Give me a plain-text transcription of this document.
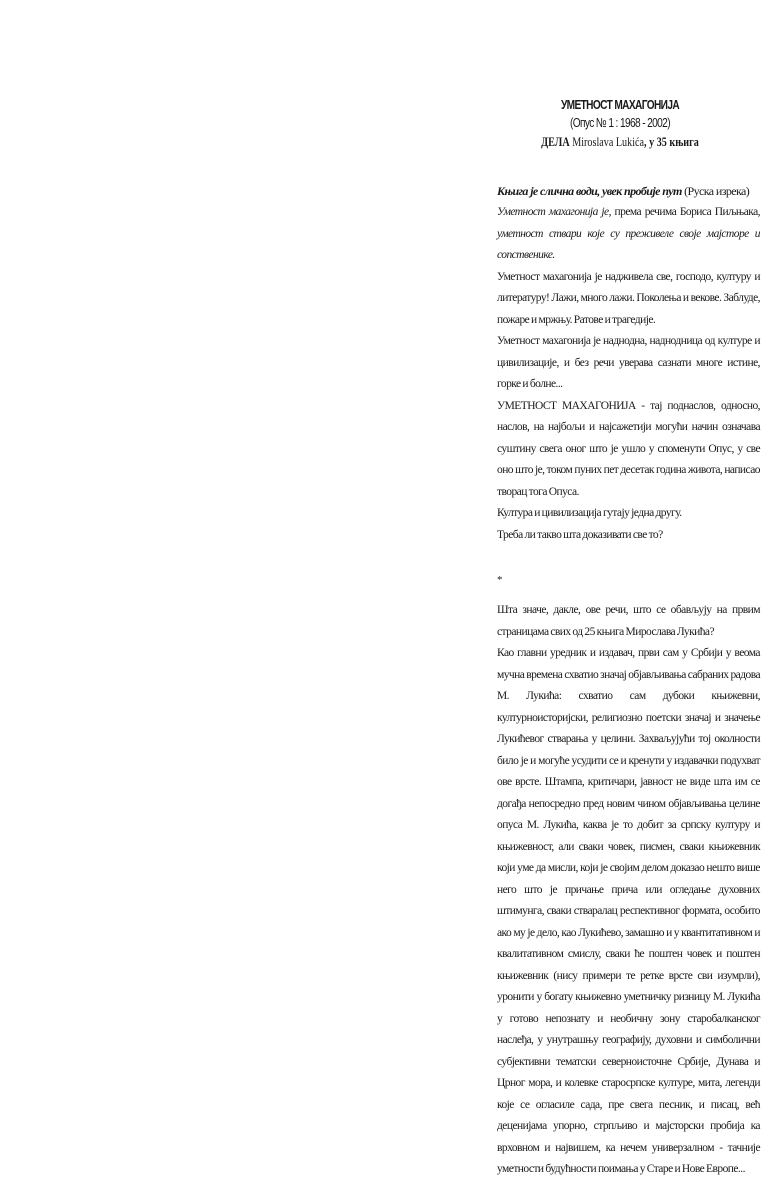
УМЕТНОСТ МАХАГОНИЈА
(Опус № 1 : 1968 - 2002)
ДЕЛА Miroslava Lukića, у 35 књига

Књига је слична води, увек пробије пут (Руска изрека)

Уметност махагонија је, према речима Бориса Пиљњака, уметност ствари које су преживеле своје мајсторе и сопственике.

Уметност махагонија је надживела све, господо, културу и литературу! Лажи, много лажи. Поколења и векове. Заблуде, пожаре и мржњу. Ратове и трагедије.

Уметност махагонија је наднодна, наднодница од културе и цивилизације, и без речи уверава сазнати многе истине, горке и болне...

УМЕТНОСТ МАХАГОНИЈА - тај поднаслов, односно, наслов, на најбољи и најсажетији могући начин означава суштину свега оног што је ушло у споменути Опус, у све оно што је, током пуних пет десетак година живота, написао творац тога Опуса.

Култура и цивилизација гутају једна другу.

Треба ли такво шта доказивати све то?

*

Шта значе, дакле, ове речи, што се обављују на првим страницама свих од 25 књига Мирослава Лукића?

Као главни уредник и издавач, први сам у Србији у веома мучна времена схватио значај објављивања сабраних радова М. Лукића: схватио сам дубоки књижевни, културноисторијски, религиозно поетски значај и значење Лукићевог стварања у целини. Захваљујући тој околности било је и могуће усудити се и кренути у издавачки подухват ове врсте. Штампа, критичари, јавност не виде шта им се догађа непосредно пред новим чином објављивања целине опуса М. Лукића, каква је то добит за српску културу и књижевност, али сваки човек, писмен, сваки књижевник који уме да мисли, који је својим делом доказао нешто више него што је причање прича или огледање духовних штимунга, сваки стваралац респективног формата, особито ако му је дело, као Лукићево, замашно и у квантитативном и квалитативном смислу, сваки ће поштен човек и поштен књижевник (нису примери те ретке врсте сви изумрли), уронити у богату књижевно уметничку ризницу М. Лукића у готово непознату и необичну зону старобалканског наслеђа, у унутрашњу географију, духовни и симболични субјективни тематски северноисточне Србије, Дунава и Црног мора, и колевке старосрпске културе, мита, легенди које се огласиле сада, пре свега песник, и писац, већ деценијама упорно, стрпљиво и мајсторски пробија ка врховном и највишем, ка нечем универзалном - тачније уметности будућности поимања у Старе и Нове Европе...
